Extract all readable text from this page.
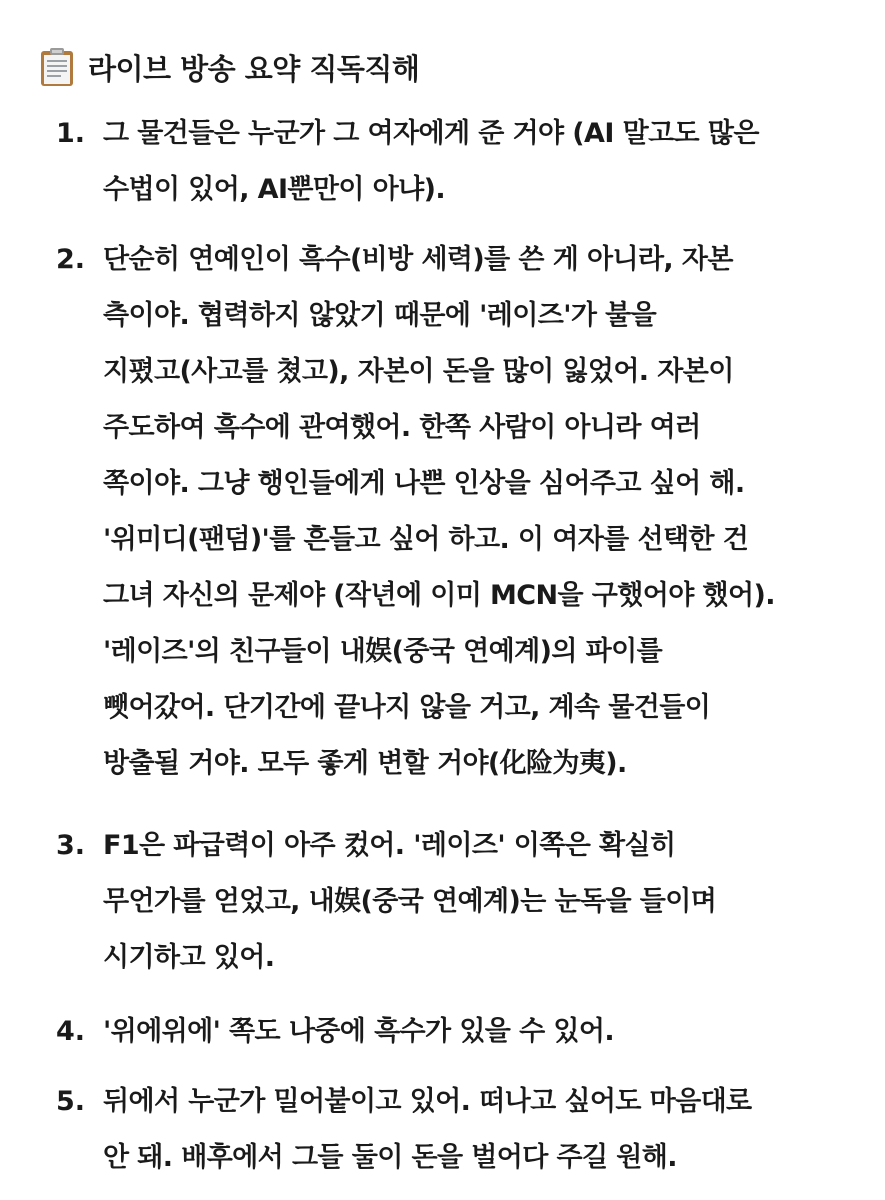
라이브 방송 요약 직독직해
1. 그 물건들은 누군가 그 여자에게 준 거야 (AI 말고도 많은
수법이 있어, AI뿐만이 아냐).
2. 단순히 연예인이 흑수(비방 세력)를 쓴 게 아니라, 자본
측이야. 협력하지 않았기 때문에 '레이즈'가 불을
지폈고(사고를 쳤고), 자본이 돈을 많이 잃었어. 자본이
주도하여 흑수에 관여했어. 한쪽 사람이 아니라 여러
쪽이야. 그냥 행인들에게 나쁜 인상을 심어주고 싶어 해.
'위미디(팬덤)'를 흔들고 싶어 하고. 이 여자를 선택한 건
그녀 자신의 문제야 (작년에 이미 MCN을 구했어야 했어).
'레이즈'의 친구들이 내娱(중국 연예계)의 파이를
뺏어갔어. 단기간에 끝나지 않을 거고, 계속 물건들이
방출될 거야. 모두 좋게 변할 거야(化险为夷).
3. F1은 파급력이 아주 컸어. '레이즈' 이쪽은 확실히
무언가를 얻었고, 내娱(중국 연예계)는 눈독을 들이며
시기하고 있어.
4. '위에위에' 쪽도 나중에 흑수가 있을 수 있어.
5. 뒤에서 누군가 밀어붙이고 있어. 떠나고 싶어도 마음대로
안 돼. 배후에서 그들 둘이 돈을 벌어다 주길 원해.
